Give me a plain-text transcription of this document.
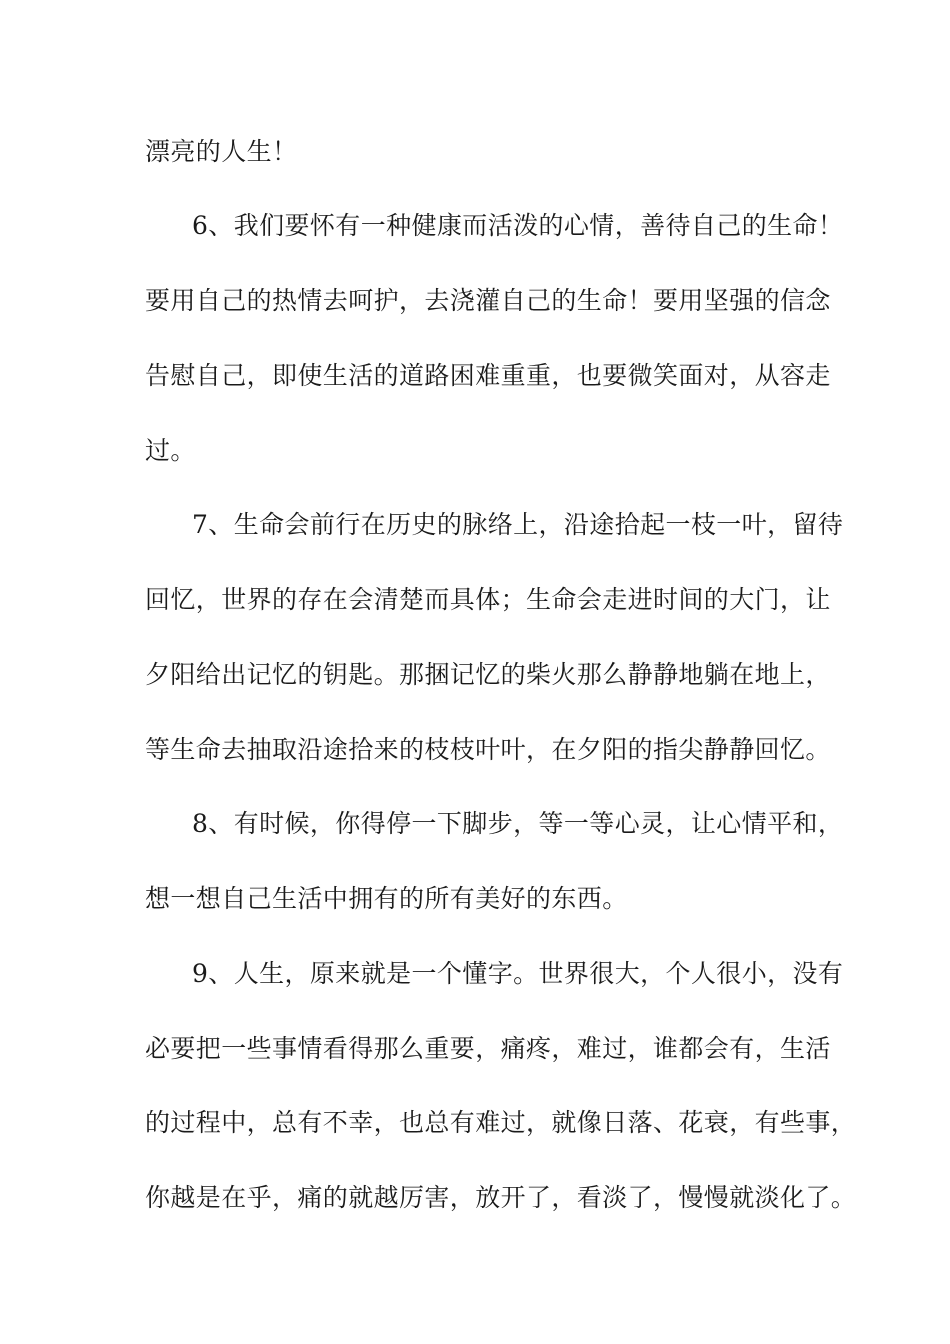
漂亮的人生！
6、我们要怀有一种健康而活泼的心情，善待自己的生命！
要用自己的热情去呵护，去浇灌自己的生命！要用坚强的信念
告慰自己，即使生活的道路困难重重，也要微笑面对，从容走
过。
7、生命会前行在历史的脉络上，沿途拾起一枝一叶，留待
回忆，世界的存在会清楚而具体；生命会走进时间的大门，让
夕阳给出记忆的钥匙。那捆记忆的柴火那么静静地躺在地上，
等生命去抽取沿途拾来的枝枝叶叶，在夕阳的指尖静静回忆。
8、有时候，你得停一下脚步，等一等心灵，让心情平和，
想一想自己生活中拥有的所有美好的东西。
9、人生，原来就是一个懂字。世界很大，个人很小，没有
必要把一些事情看得那么重要，痛疼，难过，谁都会有，生活
的过程中，总有不幸，也总有难过，就像日落、花衰，有些事，
你越是在乎，痛的就越厉害，放开了，看淡了，慢慢就淡化了。
